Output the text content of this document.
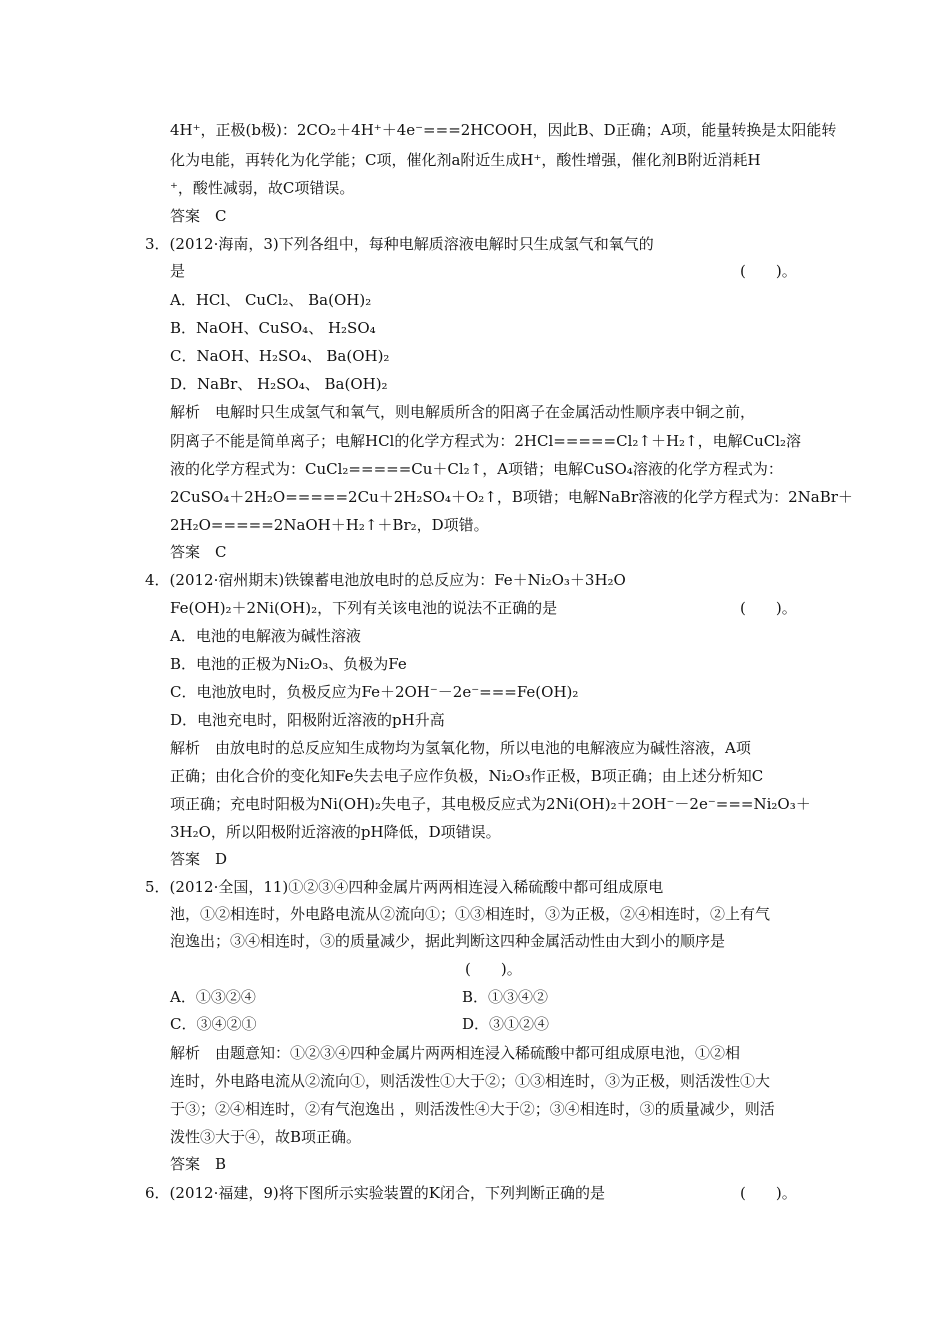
4H⁺，正极(b极)：2CO₂＋4H⁺＋4e⁻===2HCOOH，因此B、D正确；A项，能量转换是太阳能转
化为电能，再转化为化学能；C项，催化剂a附近生成H⁺，酸性增强，催化剂B附近消耗H
⁺，酸性减弱，故C项错误。
答案　C
3．(2012·海南，3)下列各组中，每种电解质溶液电解时只生成氢气和氧气的
是	(　　)。
A．HCl、 CuCl₂、 Ba(OH)₂
B．NaOH、CuSO₄、 H₂SO₄
C．NaOH、H₂SO₄、 Ba(OH)₂
D．NaBr、 H₂SO₄、 Ba(OH)₂
解析　电解时只生成氢气和氧气，则电解质所含的阳离子在金属活动性顺序表中铜之前，
阴离子不能是简单离子；电解HCl的化学方程式为：2HCl=====Cl₂↑＋H₂↑，电解CuCl₂溶
液的化学方程式为：CuCl₂=====Cu＋Cl₂↑，A项错；电解CuSO₄溶液的化学方程式为：
2CuSO₄＋2H₂O=====2Cu＋2H₂SO₄＋O₂↑，B项错；电解NaBr溶液的化学方程式为：2NaBr＋
2H₂O=====2NaOH＋H₂↑＋Br₂，D项错。
答案　C
4．(2012·宿州期末)铁镍蓄电池放电时的总反应为：Fe＋Ni₂O₃＋3H₂O
Fe(OH)₂＋2Ni(OH)₂，下列有关该电池的说法不正确的是	(　　)。
A．电池的电解液为碱性溶液
B．电池的正极为Ni₂O₃、负极为Fe
C．电池放电时，负极反应为Fe＋2OH⁻－2e⁻===Fe(OH)₂
D．电池充电时，阳极附近溶液的pH升高
解析　由放电时的总反应知生成物均为氢氧化物，所以电池的电解液应为碱性溶液，A项
正确；由化合价的变化知Fe失去电子应作负极，Ni₂O₃作正极，B项正确；由上述分析知C
项正确；充电时阳极为Ni(OH)₂失电子，其电极反应式为2Ni(OH)₂＋2OH⁻－2e⁻===Ni₂O₃＋
3H₂O，所以阳极附近溶液的pH降低，D项错误。
答案　D
5．(2012·全国，11)①②③④四种金属片两两相连浸入稀硫酸中都可组成原电
池，①②相连时，外电路电流从②流向①；①③相连时，③为正极，②④相连时，②上有气
泡逸出；③④相连时，③的质量减少，据此判断这四种金属活动性由大到小的顺序是
(　　)。
A．①③②④	B．①③④②
C．③④②①	D．③①②④
解析　由题意知：①②③④四种金属片两两相连浸入稀硫酸中都可组成原电池，①②相
连时，外电路电流从②流向①，则活泼性①大于②；①③相连时，③为正极，则活泼性①大
于③；②④相连时，②有气泡逸出 ，则活泼性④大于②；③④相连时，③的质量减少，则活
泼性③大于④，故B项正确。
答案　B
6．(2012·福建，9)将下图所示实验装置的K闭合，下列判断正确的是	(　　)。
